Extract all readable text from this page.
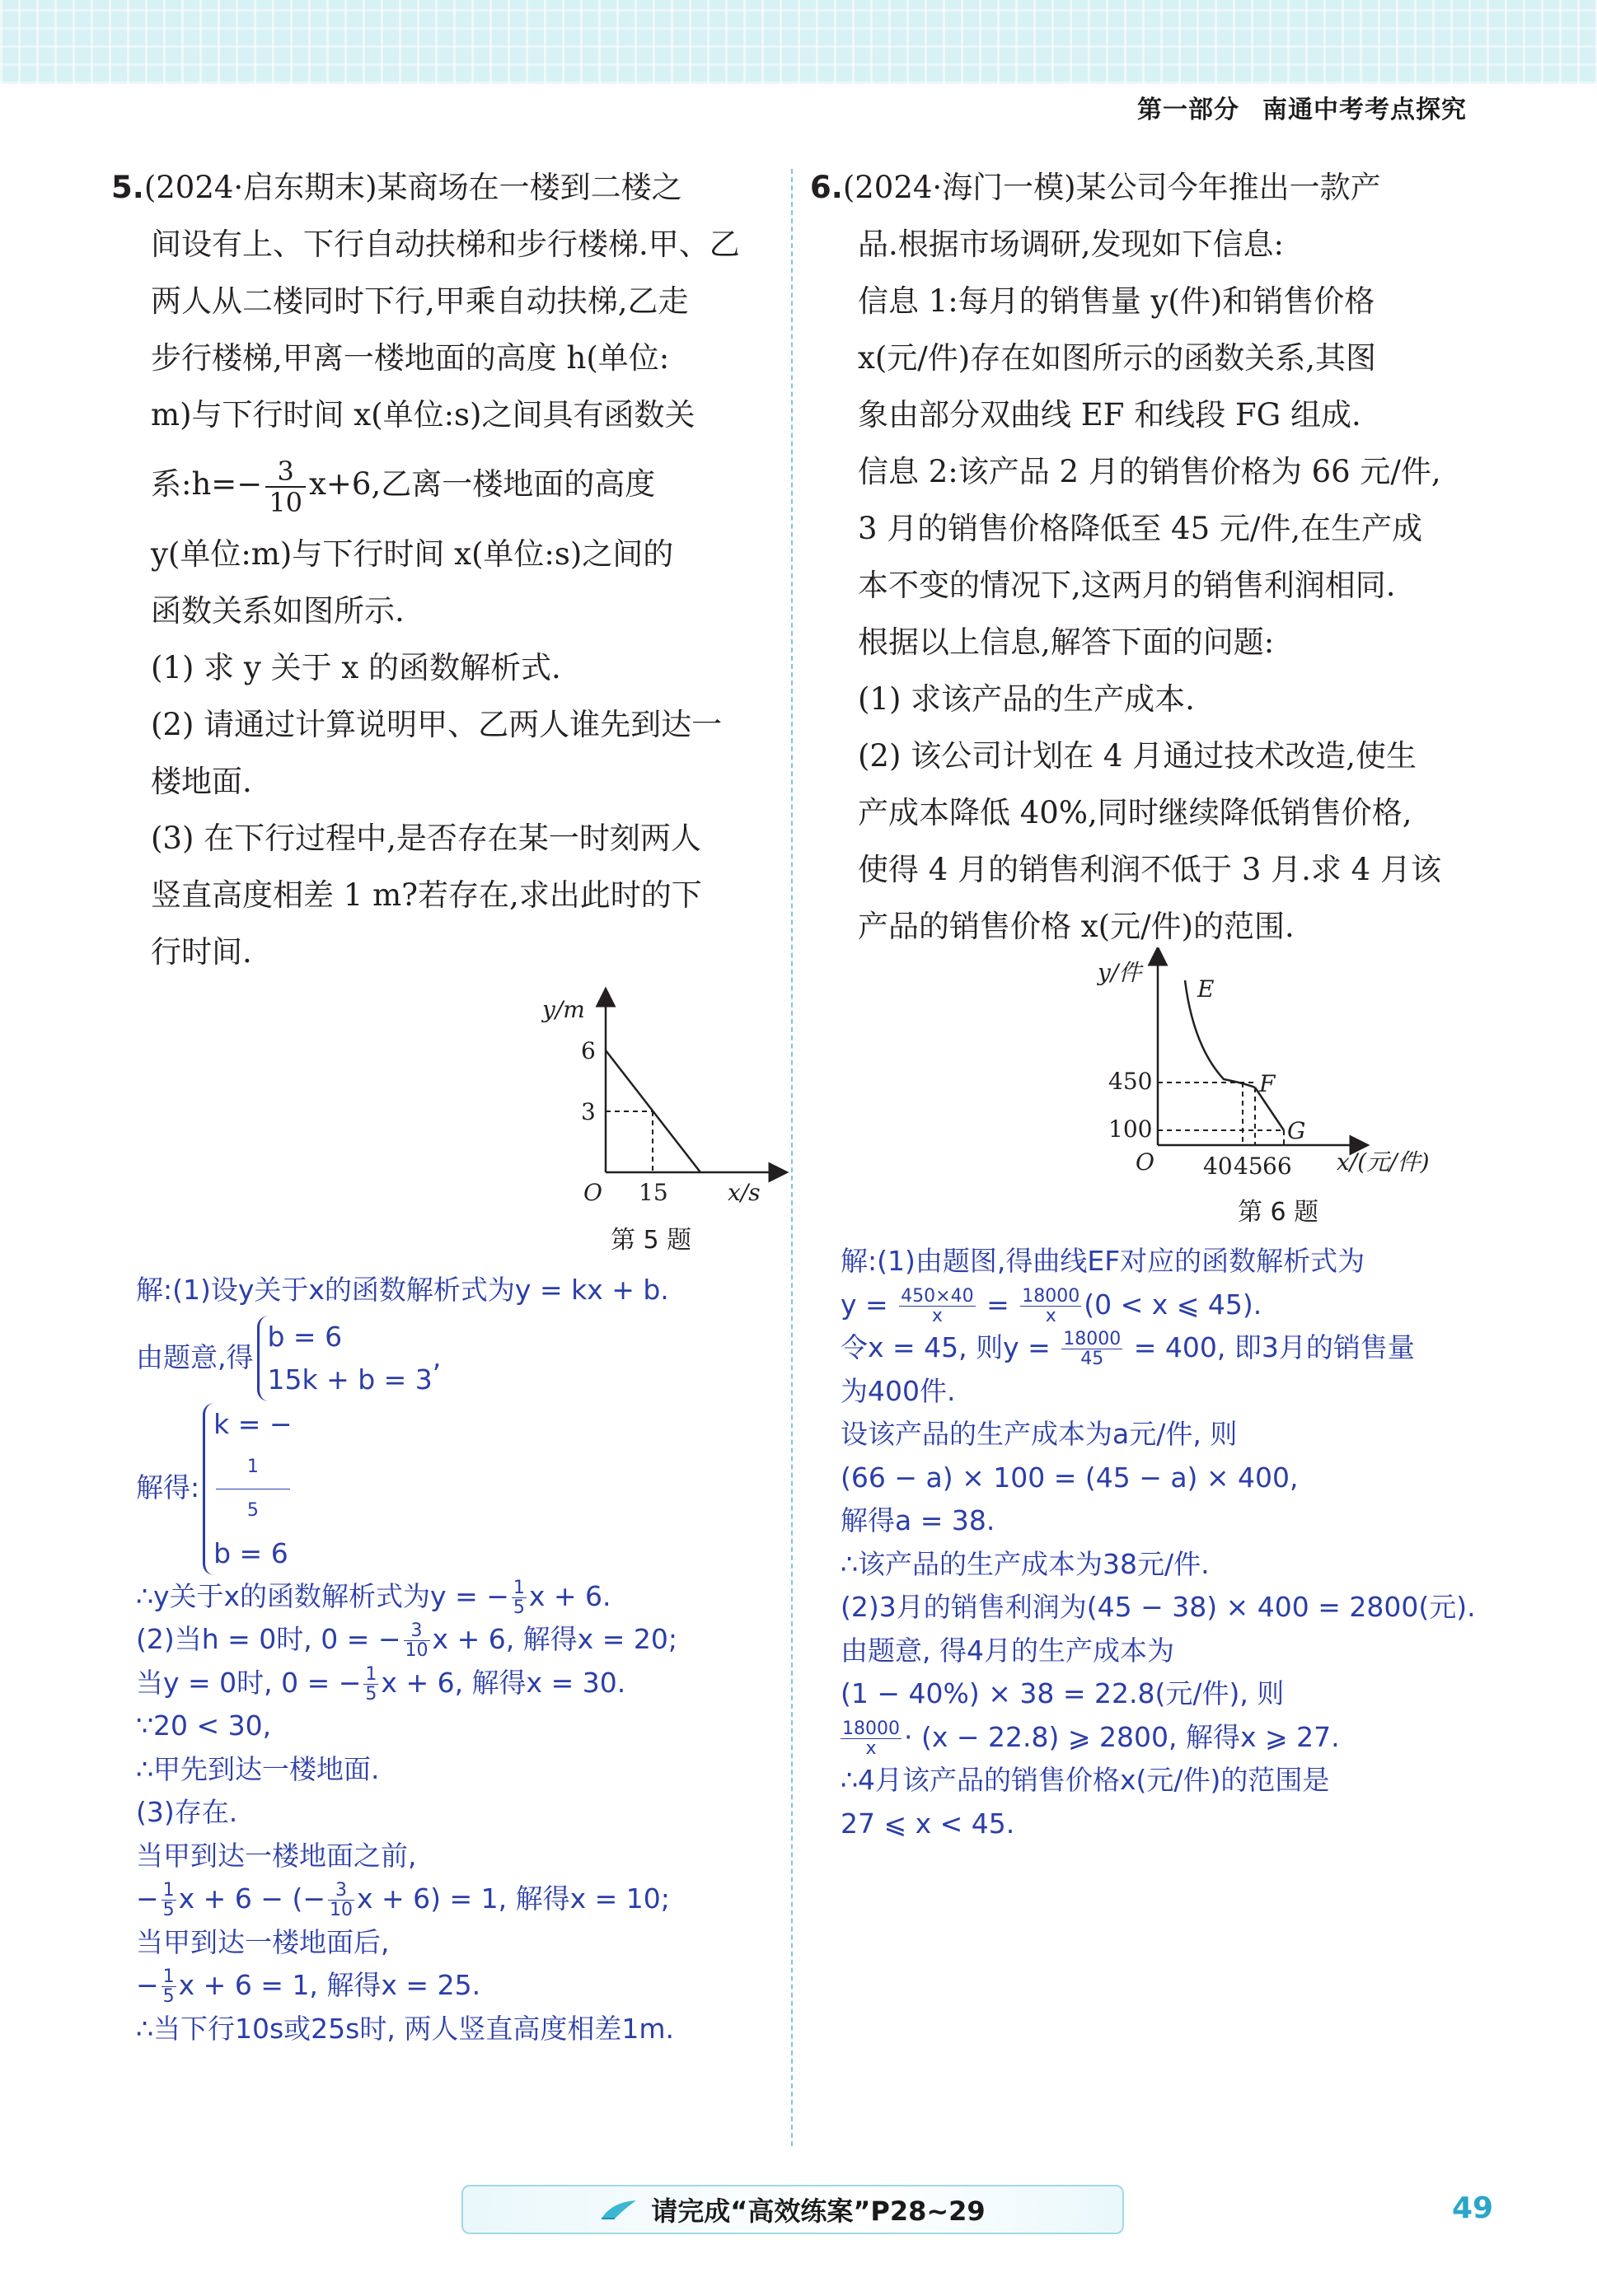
第一部分 南通中考考点探究
5.(2024·启东期末)某商场在一楼到二楼之
间设有上、下行自动扶梯和步行楼梯.甲、乙
两人从二楼同时下行,甲乘自动扶梯,乙走
步行楼梯,甲离一楼地面的高度 h(单位:
m)与下行时间 x(单位:s)之间具有函数关
系:h=− $\frac{3}{10} x+6$,乙离一楼地面的高度
y(单位:m)与下行时间 x(单位:s)之间的
函数关系如图所示.
(1) 求 y 关于 x 的函数解析式.
(2) 请通过计算说明甲、乙两人谁先到达一
楼地面.
(3) 在下行过程中,是否存在某一时刻两人
竖直高度相差 1 m?若存在,求出此时的下
行时间.
y/m
6
3
O 15	x/s
第 5 题
6.(2024·海门一模)某公司今年推出一款产
品.根据市场调研,发现如下信息:
信息 1:每月的销售量 y(件)和销售价格
x(元/件)存在如图所示的函数关系,其图
象由部分双曲线 EF 和线段 FG 组成.
信息 2:该产品 2 月的销售价格为 66 元/件,
3 月的销售价格降低至 45 元/件,在生产成
本不变的情况下,这两月的销售利润相同.
根据以上信息,解答下面的问题:
(1) 求该产品的生产成本.
(2) 该公司计划在 4 月通过技术改造,使生
产成本降低 40%,同时继续降低销售价格,
使得 4 月的销售利润不低于 3 月.求 4 月该
产品的销售价格 x(元/件)的范围.
y/件
E
F
G
450
100
O 40 45 66 x/(元/件)
第 6 题
解:(1)设y关于x的函数解析式为y = kx + b.
由题意,得
b = 6
15k + b = 3
,
解得:
k = −
1
5
b = 6
∴y关于x的函数解析式为y = − $\frac{1}{5}$ x + 6.
(2)当h = 0时, 0 = − $\frac{3}{10}$ x + 6, 解得x = 20;
当y = 0时, 0 = − $\frac{1}{5}$ x + 6, 解得x = 30.
∵20 < 30,
∴甲先到达一楼地面.
(3)存在.
当甲到达一楼地面之前,
− $\frac{1}{5}$ x + 6 − (− $\frac{3}{10}$ x + 6) = 1, 解得x = 10;
当甲到达一楼地面后,
− $\frac{1}{5}$ x + 6 = 1, 解得x = 25.
∴当下行10s或25s时, 两人竖直高度相差1m.
解:(1)由题图,得曲线EF对应的函数解析式为
$y = \frac{450\times 40}{x} = \frac{18000}{x} (0 < x$ ⩽ 45).
令x = 45, 则$y = \frac{18000}{45} = 400$, 即3月的销售量
为400件.
设该产品的生产成本为a元/件, 则
(66 − a) × 100 = (45 − a) × 400,
解得a = 38.
∴该产品的生产成本为38元/件.
(2)3月的销售利润为(45 − 38) × 400 = 2800(元).
由题意, 得4月的生产成本为
(1 − 40%) × 38 = 22.8(元/件), 则
$\frac{18000}{x} \cdot (x - 22.8)$ ⩾ 2800, 解得x ⩾ 27.
∴4月该产品的销售价格x(元/件)的范围是
27 ⩽ x < 45.
请完成“高效练案”P28~29	49
